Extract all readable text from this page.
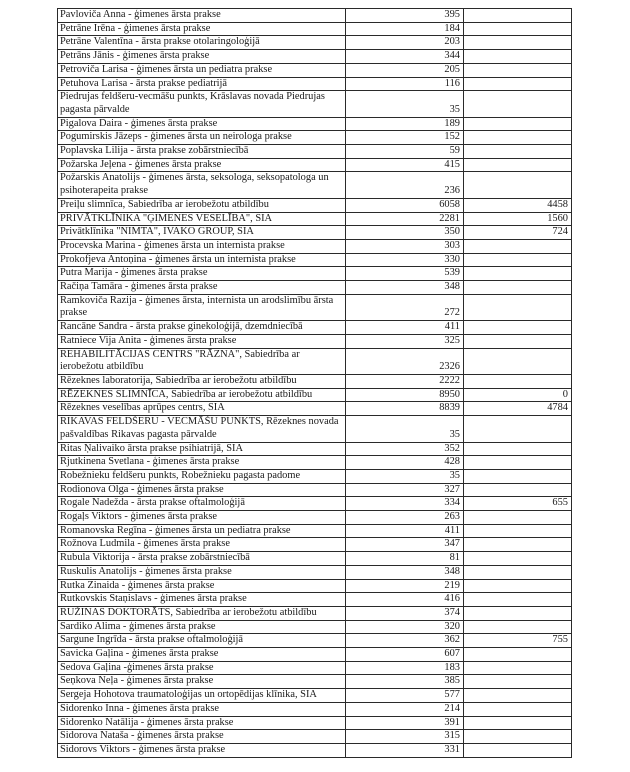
Pavloviča Anna - ģimenes ārsta prakse	395	
Petrāne Irēna - ģimenes ārsta prakse	184	
Petrāne Valentīna - ārsta prakse otolaringoloģijā	203	
Petrāns Jānis - ģimenes ārsta prakse	344	
Petroviča Larisa - ģimenes ārsta un pediatra prakse	205	
Petuhova Larisa - ārsta prakse pediatrijā	116	
Piedrujas feldšeru-vecmāšu punkts, Krāslavas novada Piedrujas pagasta pārvalde	35	
Pigalova Daira - ģimenes ārsta prakse	189	
Pogumirskis Jāzeps - ģimenes ārsta un neirologa prakse	152	
Poplavska Lilija - ārsta prakse zobārstniecībā	59	
Požarska Jeļena - ģimenes ārsta prakse	415	
Požarskis Anatolijs - ģimenes ārsta, seksologa, seksopatologa un psihoterapeita prakse	236	
Preiļu slimnīca, Sabiedrība ar ierobežotu atbildību	6058	4458
PRIVĀTKLĪNIKA "ĢIMENES VESELĪBA", SIA	2281	1560
Privātklīnika "NIMTA", IVAKO GROUP, SIA	350	724
Procevska Marina - ģimenes ārsta un internista prakse	303	
Prokofjeva Antoņina - ģimenes ārsta un internista prakse	330	
Putra Marija - ģimenes ārsta prakse	539	
Račiņa Tamāra - ģimenes ārsta prakse	348	
Ramkoviča Razija - ģimenes ārsta, internista un arodslimību ārsta prakse	272	
Rancāne Sandra - ārsta prakse ginekoloģijā, dzemdniecībā	411	
Ratniece Vija Anita - ģimenes ārsta prakse	325	
REHABILITĀCIJAS CENTRS "RĀZNA", Sabiedrība ar ierobežotu atbildību	2326	
Rēzeknes laboratorija, Sabiedrība ar ierobežotu atbildību	2222	
RĒZEKNES SLIMNĪCA, Sabiedrība ar ierobežotu atbildību	8950	0
Rēzeknes veselības aprūpes centrs, SIA	8839	4784
RIKAVAS FELDŠERU - VECMĀŠU PUNKTS, Rēzeknes novada pašvaldības Rikavas pagasta pārvalde	35	
Ritas Ņalivaiko ārsta prakse psihiatrijā, SIA	352	
Rjutkinena Svetlana - ģimenes ārsta prakse	428	
Robežnieku feldšeru punkts, Robežnieku pagasta padome	35	
Rodionova Olga - ģimenes ārsta prakse	327	
Rogale Nadežda - ārsta prakse oftalmoloģijā	334	655
Rogaļs Viktors - ģimenes ārsta prakse	263	
Romanovska Regīna - ģimenes ārsta un pediatra prakse	411	
Rožnova Ludmila - ģimenes ārsta prakse	347	
Rubula Viktorija - ārsta prakse zobārstniecībā	81	
Ruskulis Anatolijs - ģimenes ārsta prakse	348	
Rutka Zinaida - ģimenes ārsta prakse	219	
Rutkovskis Staņislavs - ģimenes ārsta prakse	416	
RUŽINAS DOKTORĀTS, Sabiedrība ar ierobežotu atbildību	374	
Sardiko Alima - ģimenes ārsta prakse	320	
Sargune Ingrīda - ārsta prakse oftalmoloģijā	362	755
Savicka Gaļina - ģimenes ārsta prakse	607	
Sedova Gaļina -ģimenes ārsta prakse	183	
Seņkova Neļa - ģimenes ārsta prakse	385	
Sergeja Hohotova traumatoloģijas un ortopēdijas klīnika, SIA	577	
Sidorenko Inna - ģimenes ārsta prakse	214	
Sidorenko Natālija - ģimenes ārsta prakse	391	
Sidorova Nataša - ģimenes ārsta prakse	315	
Sidorovs Viktors - ģimenes ārsta prakse	331	
